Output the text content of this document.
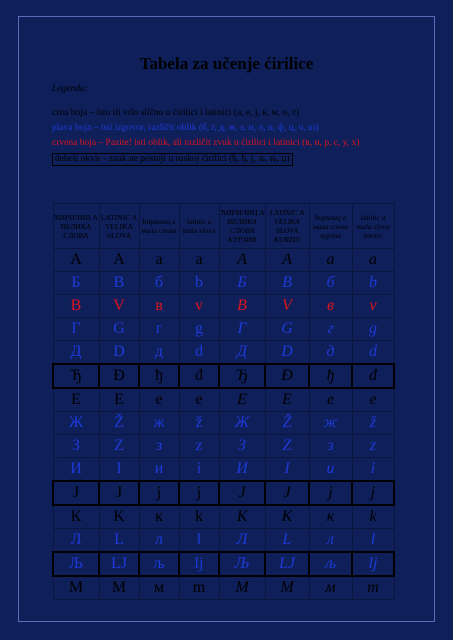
Tabela za učenje ćirilice
Legenda:
crna boja – isto ili vrlo slično u ćirilici i latinici (a, e, j, к, м, o, т)
plava boja – isti izgovor, različit oblik (б, г, д, ж, з, и, л, п, ф, ц, ч, ш)
crvena boja – Pazite! isti oblik, ali različit zvuk u ćirilici i latinici (в, н, p, c, y, x)
debeli okvir - znak ne postoji u ruskoj ćirilici (ђ, ђ, j, љ, њ, џ)
ЋИРИЛИЦ А ВЕЛИКА СЛОВА	LATINIC A VELIKA SLOVA	ћирилиц а мала слова	latinic a mala slova	ЋИРИЛИЦ А ВЕЛИКА СЛОВА КУРЗИВ	LATINIC A VELIKA SLOVA KURZIV	ћирилиц а мала слова курзив	latinic a mala slova kurziv
А	A	а	a	А	A	а	a
Б	B	б	b	Б	B	б	b
В	V	в	v	В	V	в	v
Г	G	г	g	Г	G	г	g
Д	D	д	d	Д	D	д	d
Ђ	Đ	ђ	đ	Ђ	Đ	ђ	đ
Е	E	е	e	Е	E	е	e
Ж	Ž	ж	ž	Ж	Ž	ж	ž
З	Z	з	z	З	Z	з	z
И	I	и	i	И	I	и	i
Ј	J	ј	j	Ј	J	ј	j
К	K	к	k	К	K	к	k
Л	L	л	l	Л	L	л	l
Љ	LJ	љ	lj	Љ	LJ	љ	lj
М	M	м	m	М	M	м	m
